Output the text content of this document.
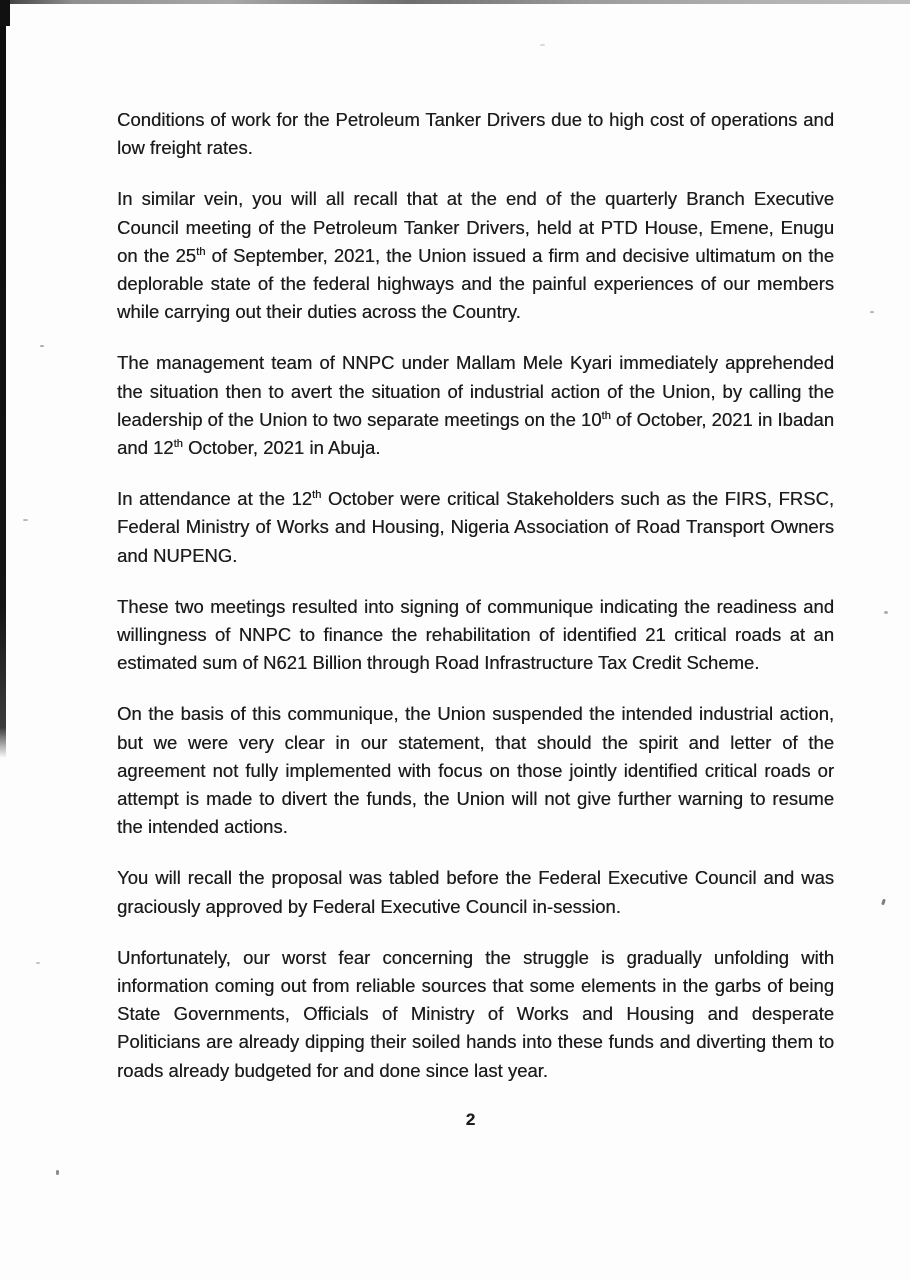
Conditions of work for the Petroleum Tanker Drivers due to high cost of operations and low freight rates.

In similar vein, you will all recall that at the end of the quarterly Branch Executive Council meeting of the Petroleum Tanker Drivers, held at PTD House, Emene, Enugu on the 25th of September, 2021, the Union issued a firm and decisive ultimatum on the deplorable state of the federal highways and the painful experiences of our members while carrying out their duties across the Country.

The management team of NNPC under Mallam Mele Kyari immediately apprehended the situation then to avert the situation of industrial action of the Union, by calling the leadership of the Union to two separate meetings on the 10th of October, 2021 in Ibadan and 12th October, 2021 in Abuja.

In attendance at the 12th October were critical Stakeholders such as the FIRS, FRSC, Federal Ministry of Works and Housing, Nigeria Association of Road Transport Owners and NUPENG.

These two meetings resulted into signing of communique indicating the readiness and willingness of NNPC to finance the rehabilitation of identified 21 critical roads at an estimated sum of N621 Billion through Road Infrastructure Tax Credit Scheme.

On the basis of this communique, the Union suspended the intended industrial action, but we were very clear in our statement, that should the spirit and letter of the agreement not fully implemented with focus on those jointly identified critical roads or attempt is made to divert the funds, the Union will not give further warning to resume the intended actions.

You will recall the proposal was tabled before the Federal Executive Council and was graciously approved by Federal Executive Council in-session.

Unfortunately, our worst fear concerning the struggle is gradually unfolding with information coming out from reliable sources that some elements in the garbs of being State Governments, Officials of Ministry of Works and Housing and desperate Politicians are already dipping their soiled hands into these funds and diverting them to roads already budgeted for and done since last year.

2
